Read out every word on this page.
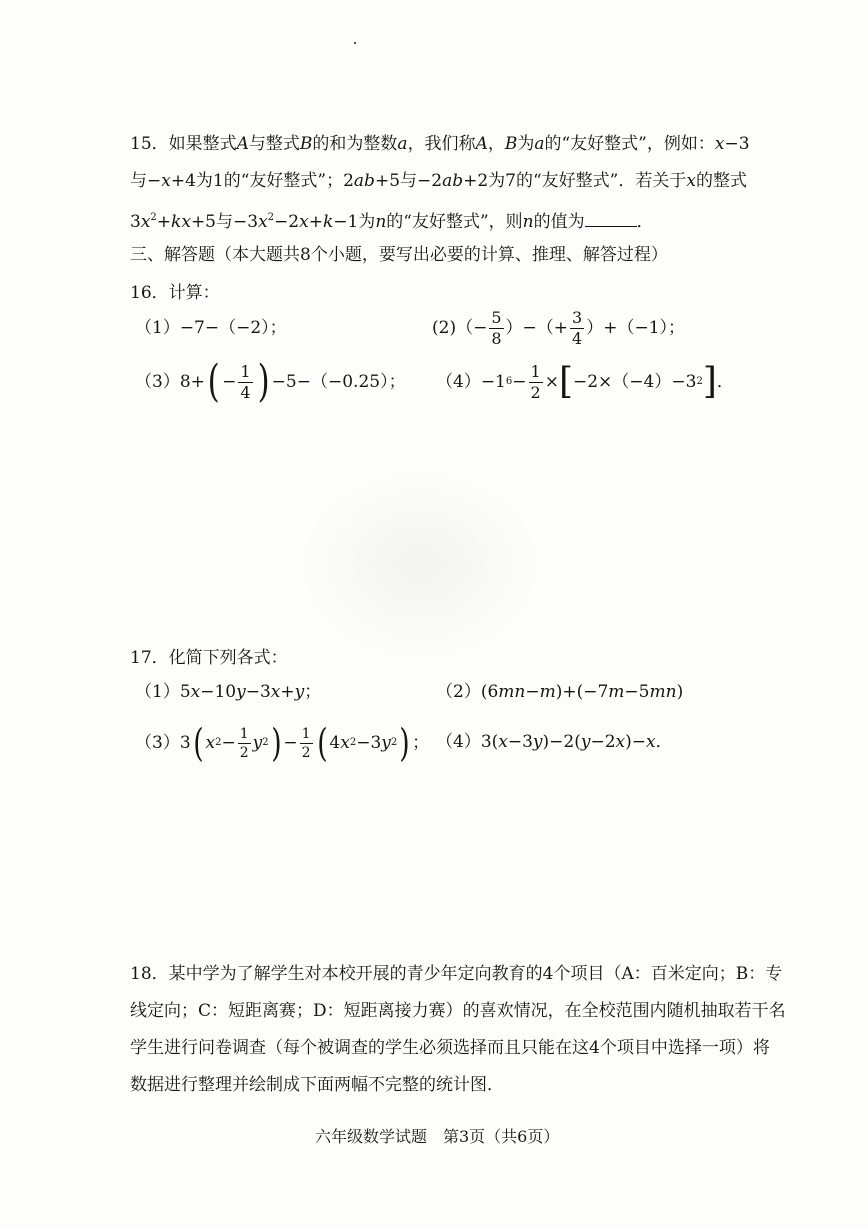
15．如果整式A与整式B的和为整数a，我们称A，B为a的“友好整式”，例如：x−3
与−x+4为1的“友好整式”；2ab+5与−2ab+2为7的“友好整式”．若关于x的整式
$3x^2+kx+5$与$-3x^2-2x+k-1$为n的“友好整式”，则n的值为	．
三、解答题（本大题共8个小题，要写出必要的计算、推理、解答过程）
16．计算：
（1）−7−（−2）；	$(2)(- \frac{5}{8}$ ）−（+ $\frac{3}{4} )+(-1)$；
（3）8+ ( − $\frac{1}{4}$ ) −5−（−0.25）； （4）−1 $6 - \frac{1}{2}$ × [ −2×（−4）−3 2 ] ．
17．化简下列各式：
（1）5x−10y−3x+y；	（2）(6mn−m)+(−7m−5mn)
（3）3 ( x $2 - \frac{1}{2}$ y 2 ) − $\frac{1}{2}$ ( 4 x 2 −3 y 2 ) ； （4）3(x−3y)−2(y−2x)−x．
18．某中学为了解学生对本校开展的青少年定向教育的4个项目（A：百米定向；B：专
线定向；C：短距离赛；D：短距离接力赛）的喜欢情况，在全校范围内随机抽取若干名
学生进行问卷调查（每个被调查的学生必须选择而且只能在这4个项目中选择一项）将
数据进行整理并绘制成下面两幅不完整的统计图．
六年级数学试题　第3页（共6页）
